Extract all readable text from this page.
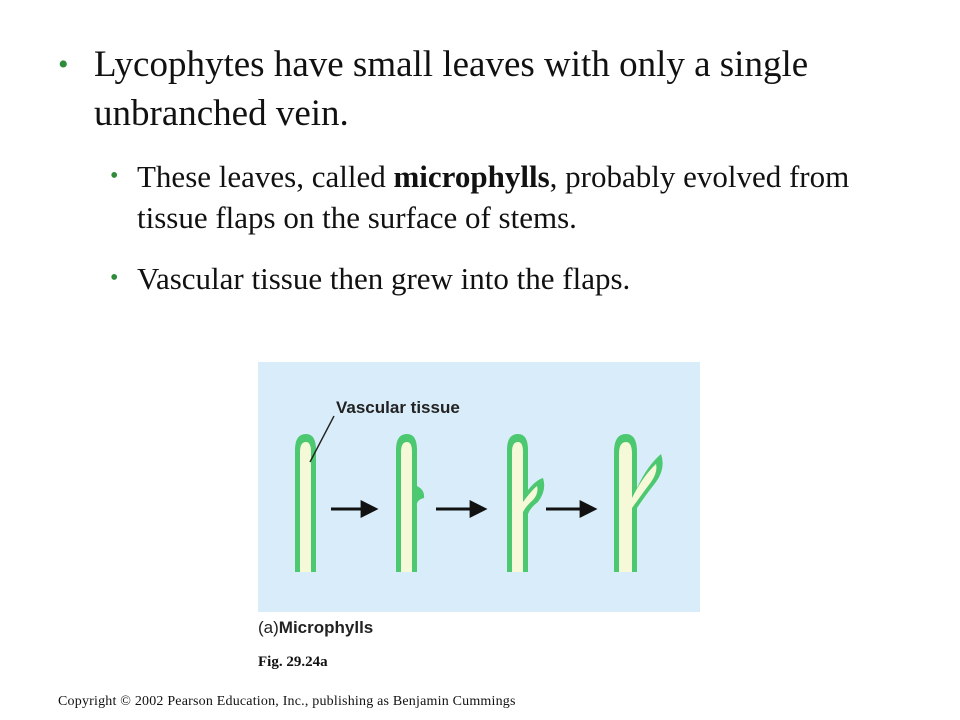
• Lycophytes have small leaves with only a single unbranched vein.
• These leaves, called microphylls, probably evolved from tissue flaps on the surface of stems.
• Vascular tissue then grew into the flaps.
Vascular tissue
(a)Microphylls
Fig. 29.24a
Copyright © 2002 Pearson Education, Inc., publishing as Benjamin Cummings
